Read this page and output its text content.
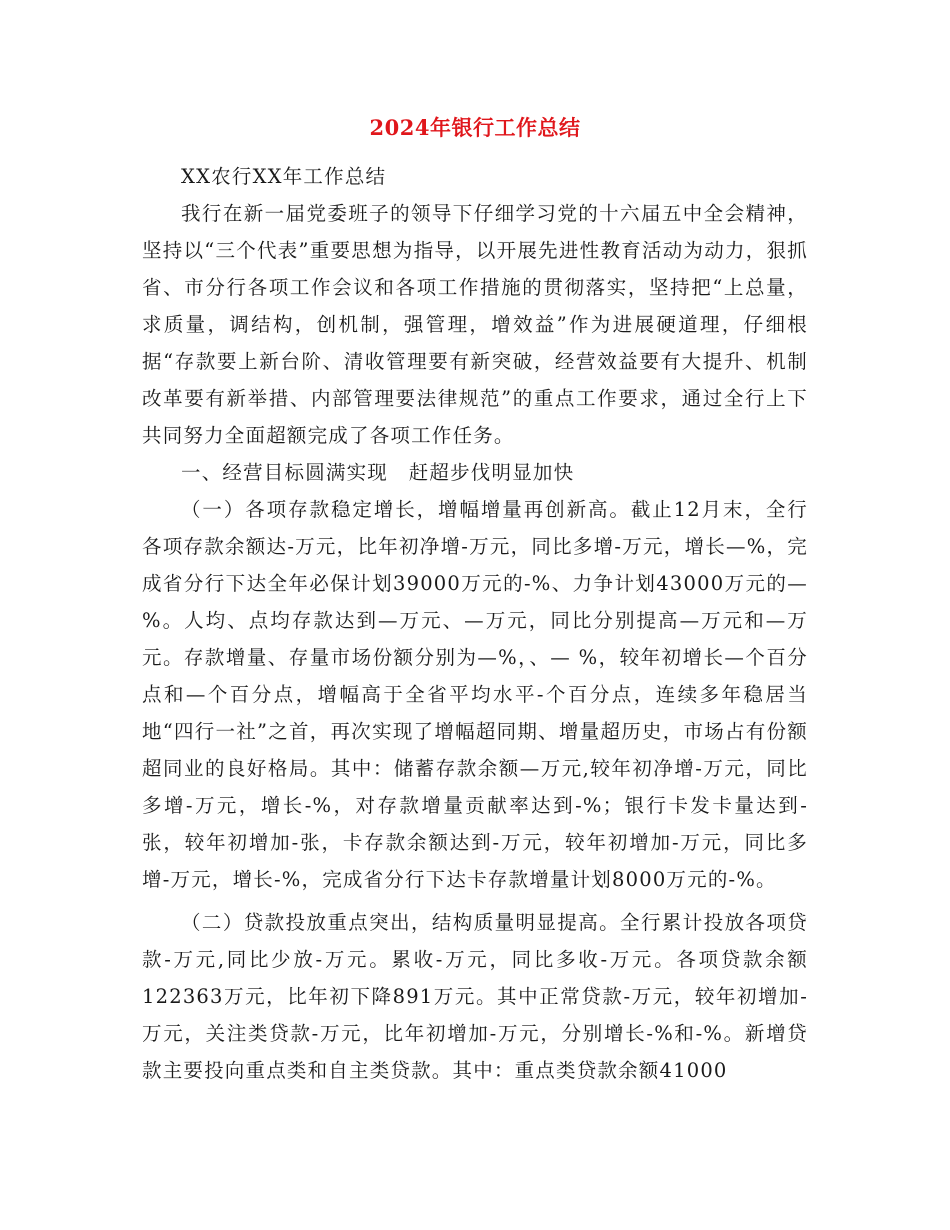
2024年银行工作总结

XX农行XX年工作总结

我行在新一届党委班子的领导下仔细学习党的十六届五中全会精神，坚持以“三个代表”重要思想为指导，以开展先进性教育活动为动力，狠抓省、市分行各项工作会议和各项工作措施的贯彻落实，坚持把“上总量，求质量，调结构，创机制，强管理，增效益”作为进展硬道理，仔细根据“存款要上新台阶、清收管理要有新突破，经营效益要有大提升、机制改革要有新举措、内部管理要法律规范”的重点工作要求，通过全行上下共同努力全面超额完成了各项工作任务。

一、经营目标圆满实现　赶超步伐明显加快

（一）各项存款稳定增长，增幅增量再创新高。截止12月末，全行各项存款余额达-万元，比年初净增-万元，同比多增-万元，增长—%，完成省分行下达全年必保计划39000万元的-%、力争计划43000万元的—%。人均、点均存款达到—万元、—万元，同比分别提高—万元和—万元。存款增量、存量市场份额分别为—%，、— %，较年初增长—个百分点和—个百分点，增幅高于全省平均水平-个百分点，连续多年稳居当地“四行一社”之首，再次实现了增幅超同期、增量超历史，市场占有份额超同业的良好格局。其中：储蓄存款余额—万元,较年初净增-万元，同比多增-万元，增长-%，对存款增量贡献率达到-%；银行卡发卡量达到-张，较年初增加-张，卡存款余额达到-万元，较年初增加-万元，同比多增-万元，增长-%，完成省分行下达卡存款增量计划8000万元的-%。

（二）贷款投放重点突出，结构质量明显提高。全行累计投放各项贷款-万元,同比少放-万元。累收-万元，同比多收-万元。各项贷款余额122363万元，比年初下降891万元。其中正常贷款-万元，较年初增加-万元，关注类贷款-万元，比年初增加-万元，分别增长-%和-%。新增贷款主要投向重点类和自主类贷款。其中：重点类贷款余额41000
